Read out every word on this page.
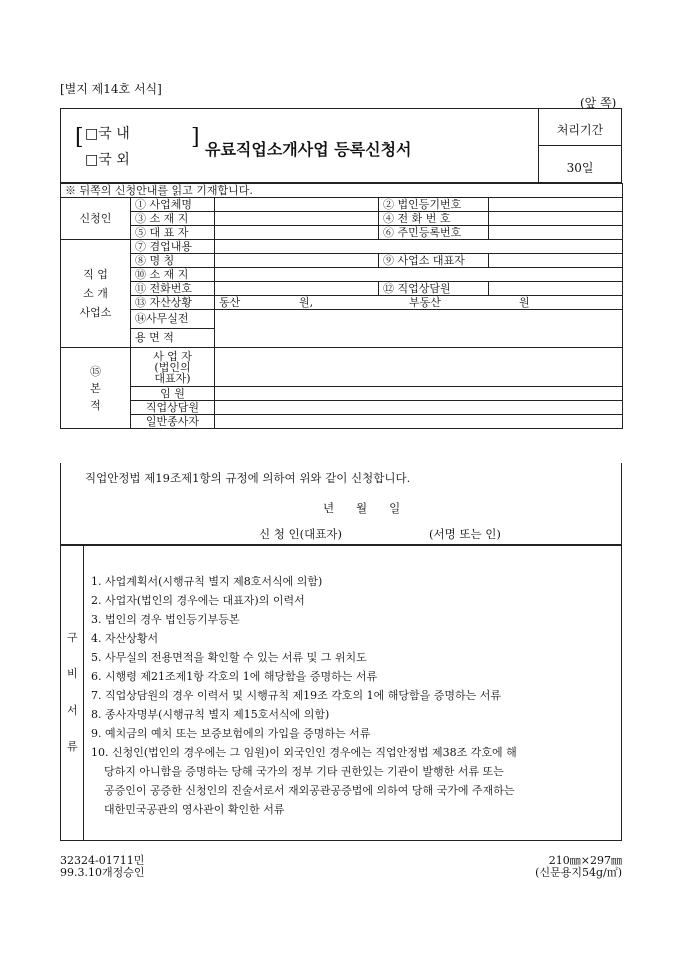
[별지 제14호 서식]
(앞 쪽)
처리기간
30일
[ □국 내
□국 외
] 유료직업소개사업 등록신청서
※ 뒤쪽의 신청안내를 읽고 기재합니다.				
신청인	① 사업체명		② 법인등기번호	
	③ 소 재 지		④ 전 화 번 호	
	⑤ 대 표 자		⑥ 주민등록번호	
직 업
소 개
사업소	⑦ 겸업내용			
	⑧ 명 칭		⑨ 사업소 대표자	
	⑩ 소 재 지			
	⑪ 전화번호		⑫ 직업상담원	
	⑬ 자산상황	동산 원, 부동산 원		
	⑭사무실전			
	용 면 적			
⑮
본
적	사 업 자
(법인의
대표자)			
	임 원			
	직업상담원			
	일반종사자			
직업안정법 제19조제1항의 규정에 의하여 위와 같이 신청합니다.
년      월      일
신 청 인(대표자)	(서명 또는 인)
구
비
서
류
1. 사업계획서(시행규칙 별지 제8호서식에 의함)
2. 사업자(법인의 경우에는 대표자)의 이력서
3. 법인의 경우 법인등기부등본
4. 자산상황서
5. 사무실의 전용면적을 확인할 수 있는 서류 및 그 위치도
6. 시행령 제21조제1항 각호의 1에 해당함을 증명하는 서류
7. 직업상담원의 경우 이력서 및 시행규칙 제19조 각호의 1에 해당함을 증명하는 서류
8. 종사자명부(시행규칙 별지 제15호서식에 의함)
9. 예치금의 예치 또는 보증보험에의 가입을 증명하는 서류
10. 신청인(법인의 경우에는 그 임원)이 외국인인 경우에는 직업안정법 제38조 각호에 해
당하지 아니함을 증명하는 당해 국가의 정부 기타 권한있는 기관이 발행한 서류 또는
공증인이 공증한 신청인의 진술서로서 재외공관공증법에 의하여 당해 국가에 주재하는
대한민국공관의 영사관이 확인한 서류
32324-01711민
99.3.10개정승인
210㎜×297㎜
(신문용지54g/㎡)
